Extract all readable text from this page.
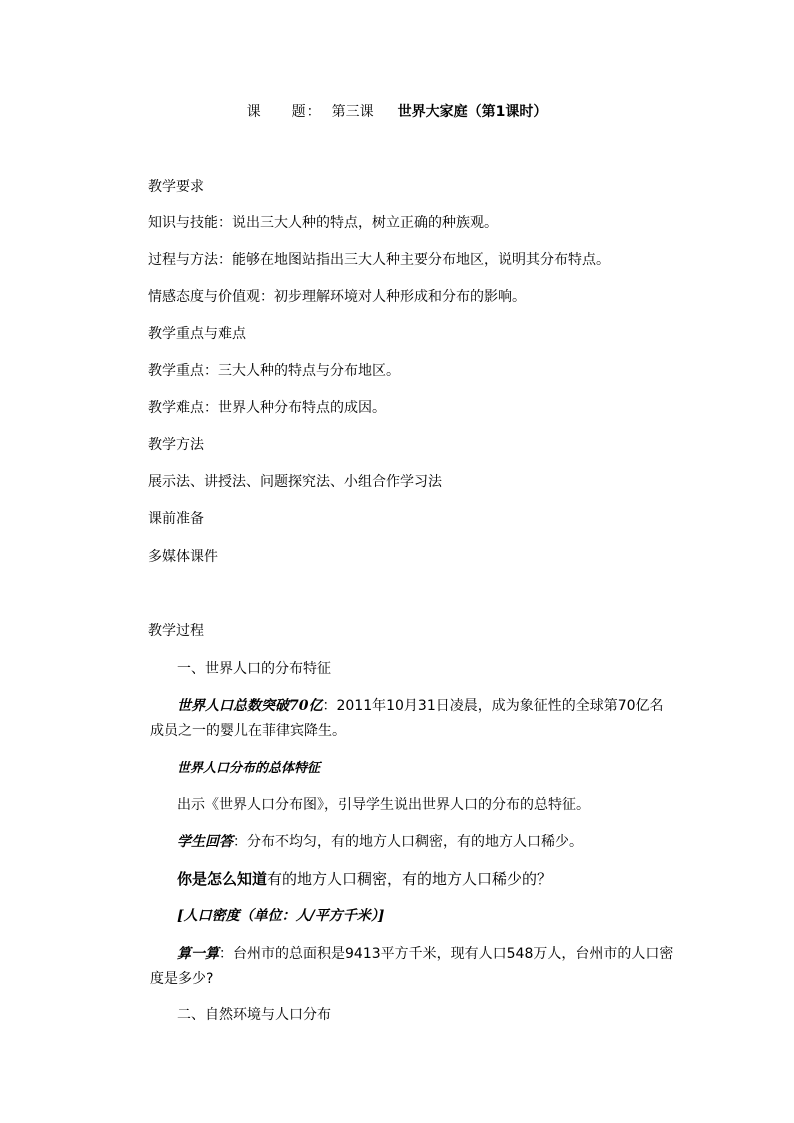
课　　题： 第三课 世界大家庭（第1课时）
教学要求
知识与技能：说出三大人种的特点，树立正确的种族观。
过程与方法：能够在地图站指出三大人种主要分布地区，说明其分布特点。
情感态度与价值观：初步理解环境对人种形成和分布的影响。
教学重点与难点
教学重点：三大人种的特点与分布地区。
教学难点：世界人种分布特点的成因。
教学方法
展示法、讲授法、问题探究法、小组合作学习法
课前准备
多媒体课件
教学过程
一、世界人口的分布特征
世界人口总数突破70亿：2011年10月31日凌晨，成为象征性的全球第70亿名
成员之一的婴儿在菲律宾降生。
世界人口分布的总体特征
出示《世界人口分布图》，引导学生说出世界人口的分布的总特征。
学生回答：分布不均匀，有的地方人口稠密，有的地方人口稀少。
你是怎么知道有的地方人口稠密，有的地方人口稀少的？
[人口密度（单位：人/平方千米）]
算一算：台州市的总面积是9413平方千米，现有人口548万人，台州市的人口密
度是多少?
二、自然环境与人口分布
